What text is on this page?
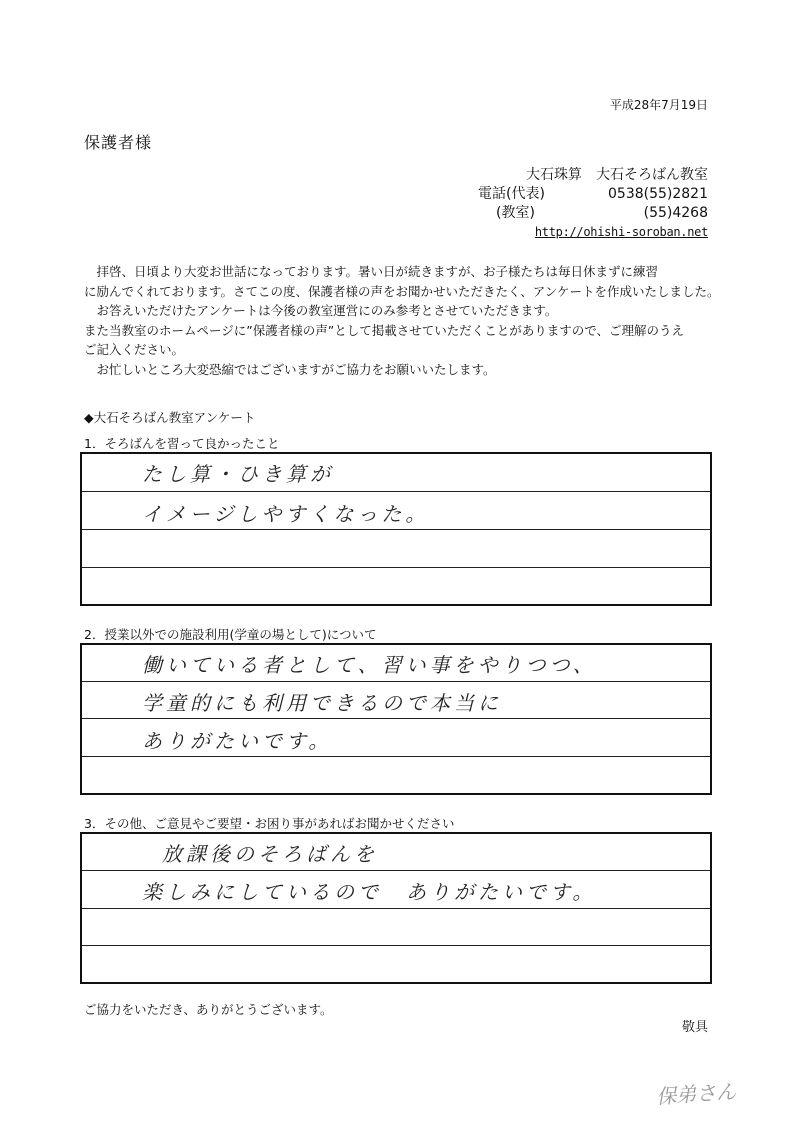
平成28年7月19日
保護者様
大石珠算　大石そろばん教室
電話(代表)	0538(55)2821
(教室)	(55)4268
http://ohishi-soroban.net

　拝啓、日頃より大変お世話になっております。暑い日が続きますが、お子様たちは毎日休まずに練習

に励んでくれております。さてこの度、保護者様の声をお聞かせいただきたく、アンケートを作成いたしました。

　お答えいただけたアンケートは今後の教室運営にのみ参考とさせていただきます。

また当教室のホームページに”保護者様の声”として掲載させていただくことがありますので、ご理解のうえ

ご記入ください。

　お忙しいところ大変恐縮ではございますがご協力をお願いいたします。

◆大石そろばん教室アンケート
1．そろばんを習って良かったこと
たし算・ひき算が
イメージしやすくなった。
2．授業以外での施設利用(学童の場として)について
働いている者として、習い事をやりつつ、
学童的にも利用できるので本当に
ありがたいです。
3．その他、ご意見やご要望・お困り事があればお聞かせください
放課後のそろばんを
楽しみにしているので　ありがたいです。
ご協力をいただき、ありがとうございます。
敬具
保弟さん
